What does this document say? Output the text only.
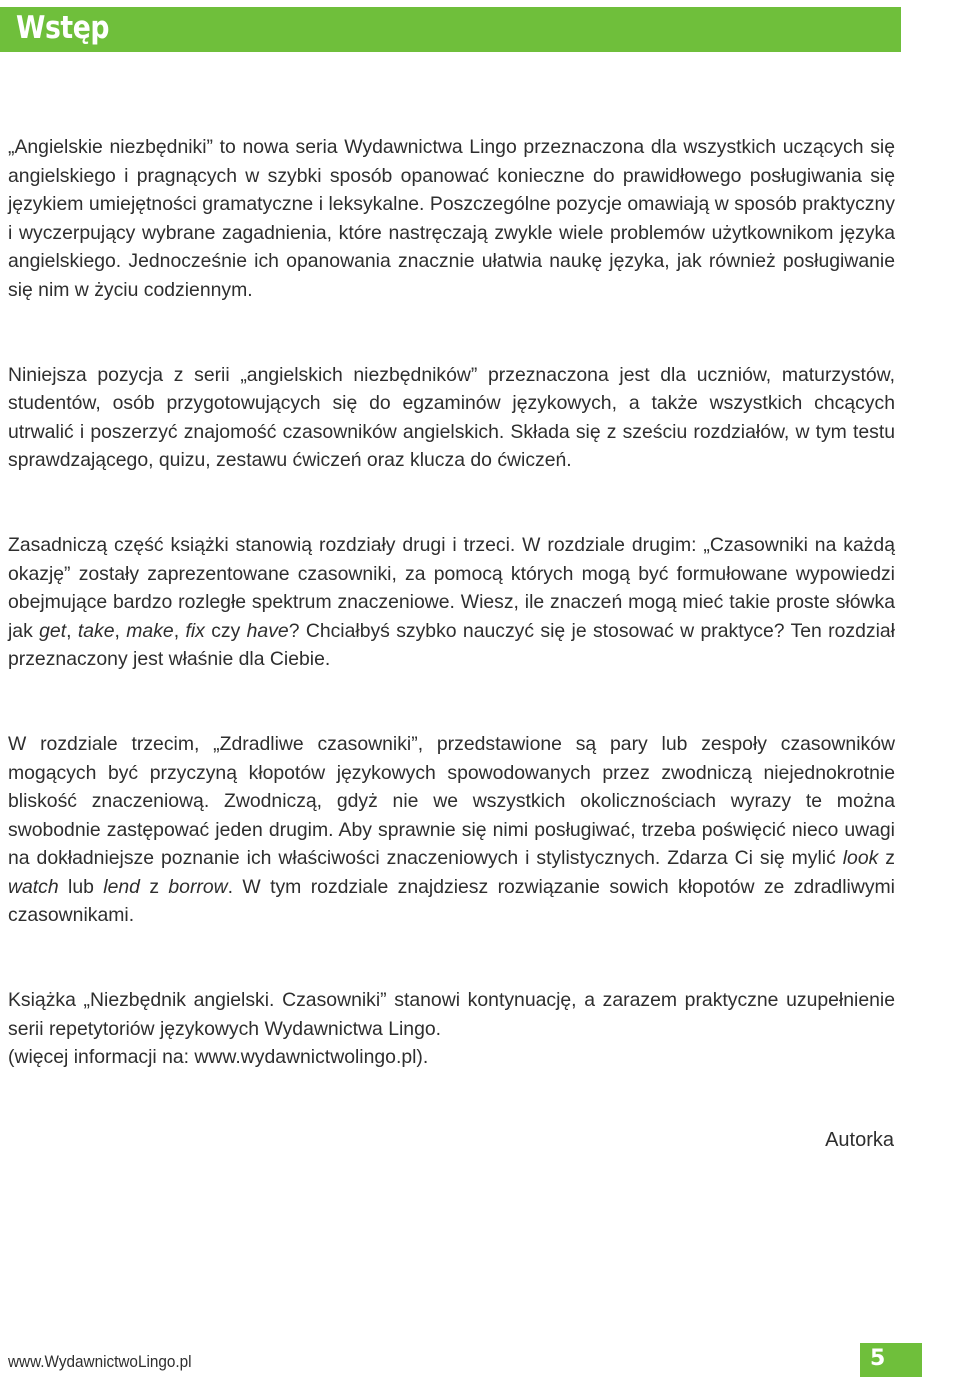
Wstęp

„Angielskie niezbędniki” to nowa seria Wydawnictwa Lingo przeznaczona dla wszystkich uczących się angielskiego i pragnących w szybki sposób opanować konieczne do prawidłowego posługiwania się językiem umiejętności gramatyczne i leksykalne. Poszczególne pozycje omawiają w sposób praktyczny i wyczerpujący wybrane zagadnienia, które nastręczają zwykle wiele problemów użytkownikom języka angielskiego. Jednocześnie ich opanowania znacznie ułatwia naukę języka, jak również posługiwanie się nim w życiu codziennym.

Niniejsza pozycja z serii „angielskich niezbędników” przeznaczona jest dla uczniów, maturzystów, studentów, osób przygotowujących się do egzaminów językowych, a także wszystkich chcących utrwalić i poszerzyć znajomość czasowników angielskich. Składa się z sześciu rozdziałów, w tym testu sprawdzającego, quizu, zestawu ćwiczeń oraz klucza do ćwiczeń.

Zasadniczą część książki stanowią rozdziały drugi i trzeci. W rozdziale drugim: „Czasowniki na każdą okazję” zostały zaprezentowane czasowniki, za pomocą których mogą być formułowane wypowiedzi obejmujące bardzo rozległe spektrum znaczeniowe. Wiesz, ile znaczeń mogą mieć takie proste słówka jak get, take, make, fix czy have? Chciałbyś szybko nauczyć się je stosować w praktyce? Ten rozdział przeznaczony jest właśnie dla Ciebie.

W rozdziale trzecim, „Zdradliwe czasowniki”, przedstawione są pary lub zespoły czasowników mogących być przyczyną kłopotów językowych spowodowanych przez zwodniczą niejednokrotnie bliskość znaczeniową. Zwodniczą, gdyż nie we wszystkich okolicznościach wyrazy te można swobodnie zastępować jeden drugim. Aby sprawnie się nimi posługiwać, trzeba poświęcić nieco uwagi na dokładniejsze poznanie ich właściwości znaczeniowych i stylistycznych. Zdarza Ci się mylić look z watch lub lend z borrow. W tym rozdziale znajdziesz rozwiązanie sowich kłopotów ze zdradliwymi czasownikami.

Książka „Niezbędnik angielski. Czasowniki” stanowi kontynuację, a zarazem praktyczne uzupełnienie serii repetytoriów językowych Wydawnictwa Lingo.
(więcej informacji na: www.wydawnictwolingo.pl).

Autorka
www.WydawnictwoLingo.pl	5
